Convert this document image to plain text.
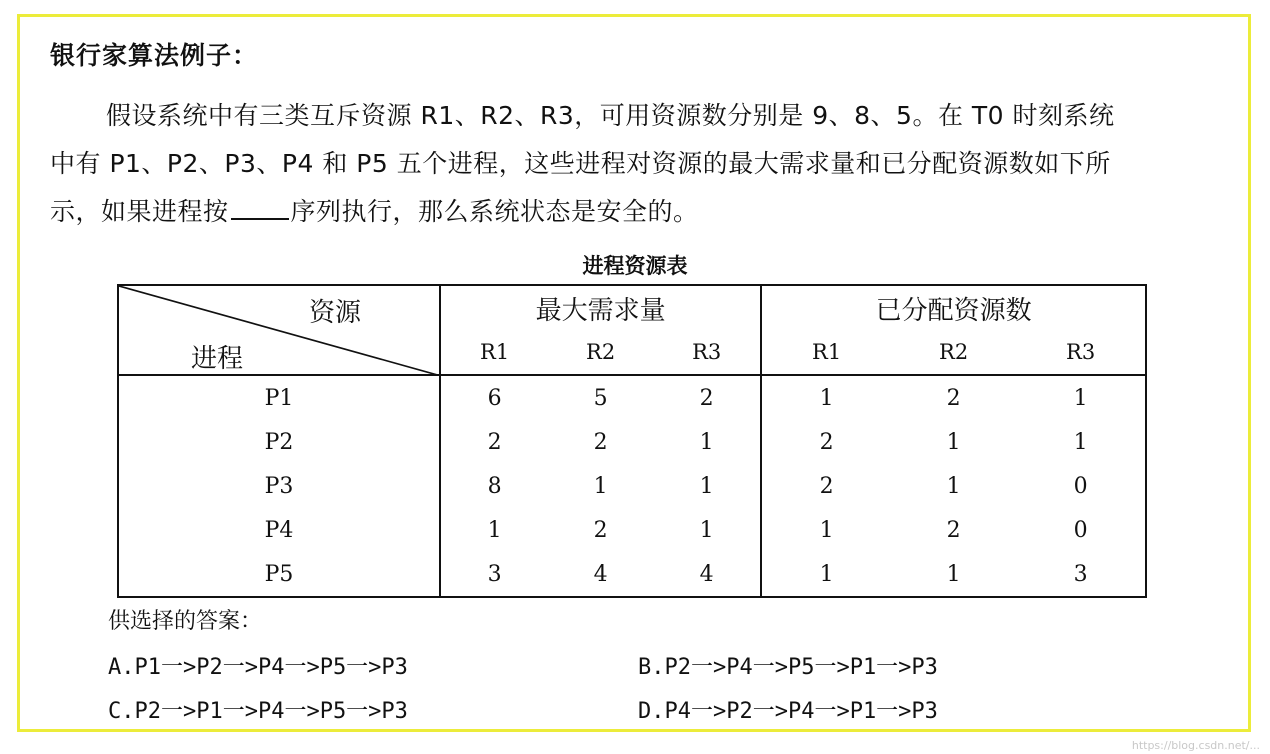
银行家算法例子：
假设系统中有三类互斥资源 R1、R2、R3，可用资源数分别是 9、8、5。在 T0 时刻系统
中有 P1、P2、P3、P4 和 P5 五个进程，这些进程对资源的最大需求量和已分配资源数如下所
示，如果进程按 序列执行，那么系统状态是安全的。
进程资源表
资源
进程	最大需求量			已分配资源数		
	R1	R2	R3	R1	R2	R3
P1	6	5	2	1	2	1
P2	2	2	1	2	1	1
P3	8	1	1	2	1	0
P4	1	2	1	1	2	0
P5	3	4	4	1	1	3
供选择的答案：
A.P1一>P2一>P4一>P5一>P3	B.P2一>P4一>P5一>P1一>P3
C.P2一>P1一>P4一>P5一>P3	D.P4一>P2一>P4一>P1一>P3
https://blog.csdn.net/...
